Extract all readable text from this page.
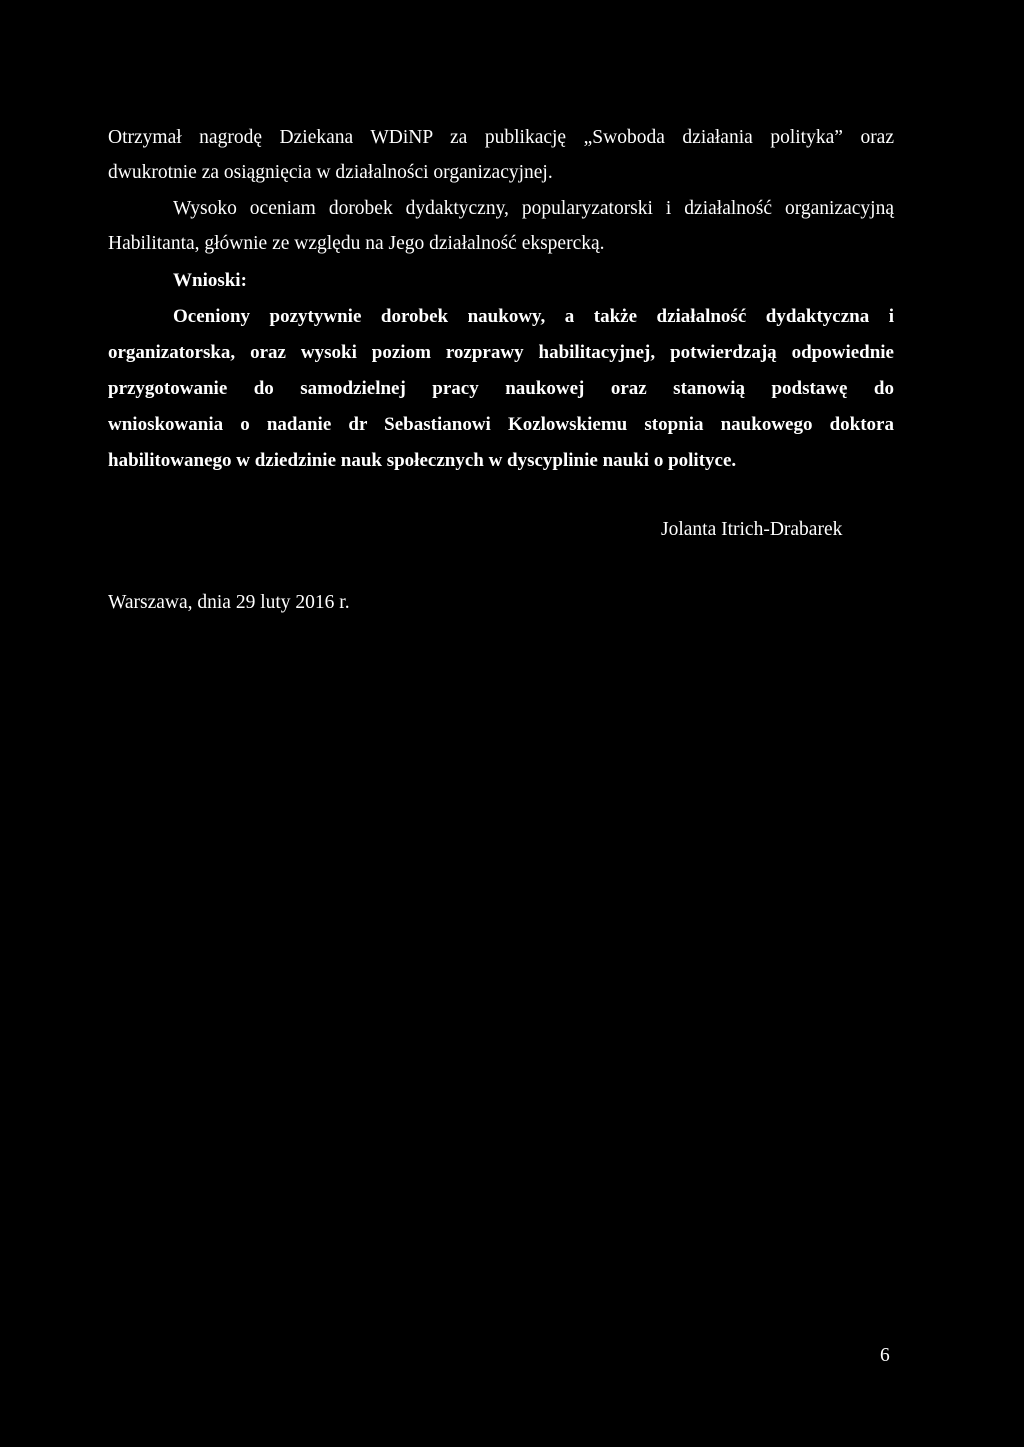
Otrzymał nagrodę Dziekana WDiNP za publikację „Swoboda działania polityka” oraz
dwukrotnie za osiągnięcia w działalności organizacyjnej.
Wysoko oceniam dorobek dydaktyczny, popularyzatorski i działalność organizacyjną
Habilitanta, głównie ze względu na Jego działalność ekspercką.
Wnioski:
Oceniony pozytywnie dorobek naukowy, a także działalność dydaktyczna i
organizatorska, oraz wysoki poziom rozprawy habilitacyjnej, potwierdzają odpowiednie
przygotowanie do samodzielnej pracy naukowej oraz stanowią podstawę do
wnioskowania o nadanie dr Sebastianowi Kozlowskiemu stopnia naukowego doktora
habilitowanego w dziedzinie nauk społecznych w dyscyplinie nauki o polityce.
Jolanta Itrich-Drabarek
Warszawa, dnia 29 luty 2016 r.
6
